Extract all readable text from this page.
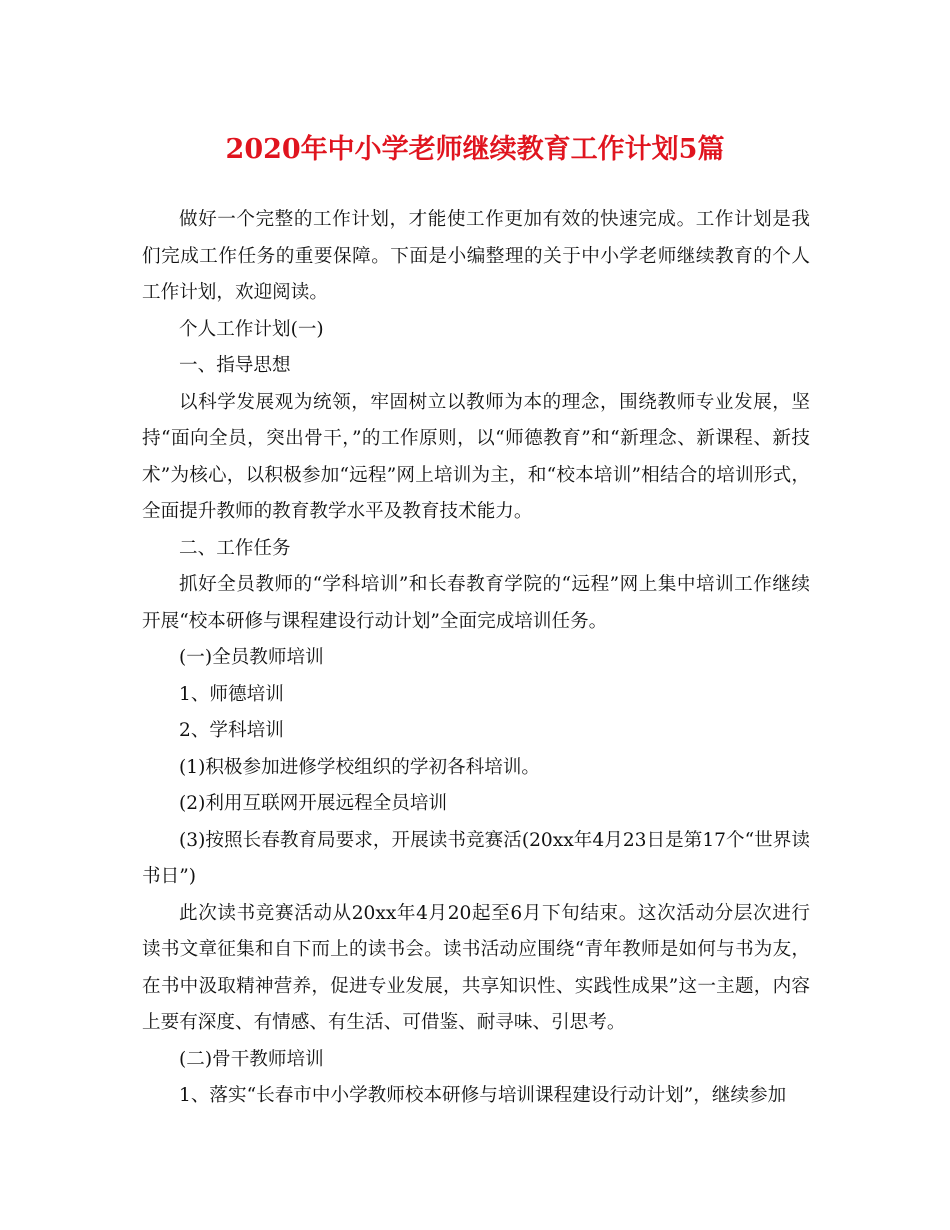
2020年中小学老师继续教育工作计划5篇

做好一个完整的工作计划，才能使工作更加有效的快速完成。工作计划是我们完成工作任务的重要保障。下面是小编整理的关于中小学老师继续教育的个人工作计划，欢迎阅读。

个人工作计划(一)

一、指导思想

以科学发展观为统领，牢固树立以教师为本的理念，围绕教师专业发展，坚持“面向全员，突出骨干，”的工作原则，以“师德教育”和“新理念、新课程、新技术”为核心，以积极参加“远程”网上培训为主，和“校本培训”相结合的培训形式，全面提升教师的教育教学水平及教育技术能力。

二、工作任务

抓好全员教师的“学科培训”和长春教育学院的“远程”网上集中培训工作继续开展“校本研修与课程建设行动计划”全面完成培训任务。

(一)全员教师培训

1、师德培训

2、学科培训

(1)积极参加进修学校组织的学初各科培训。

(2)利用互联网开展远程全员培训

(3)按照长春教育局要求，开展读书竞赛活(20xx年4月23日是第17个“世界读书日”)

此次读书竞赛活动从20xx年4月20起至6月下旬结束。这次活动分层次进行读书文章征集和自下而上的读书会。读书活动应围绕“青年教师是如何与书为友，在书中汲取精神营养，促进专业发展，共享知识性、实践性成果”这一主题，内容上要有深度、有情感、有生活、可借鉴、耐寻味、引思考。

(二)骨干教师培训

1、落实“长春市中小学教师校本研修与培训课程建设行动计划”，继续参加
